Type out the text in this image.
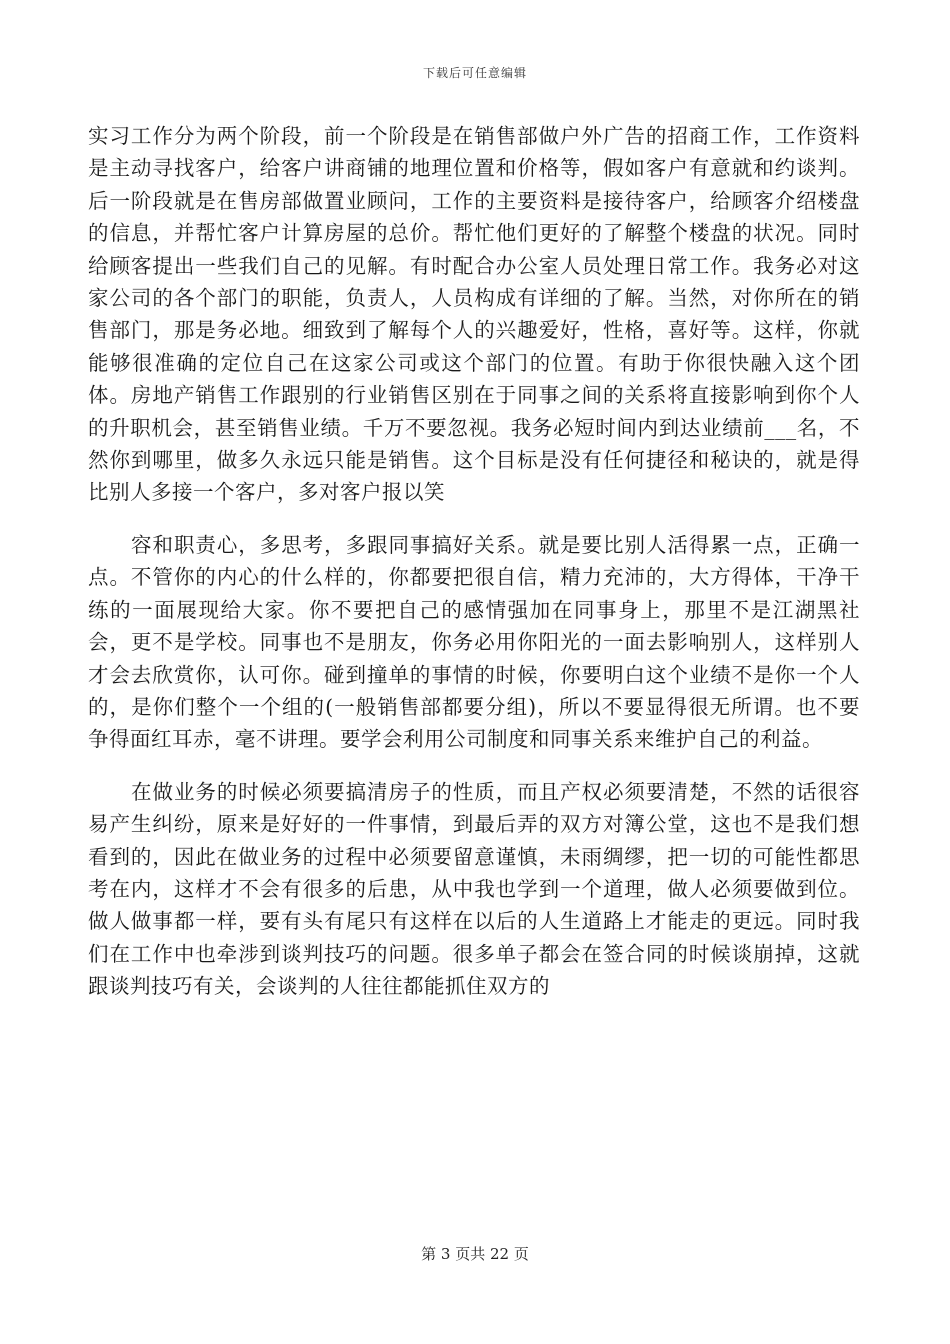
下载后可任意编辑

实习工作分为两个阶段，前一个阶段是在销售部做户外广告的招商工作，工作资料是主动寻找客户，给客户讲商铺的地理位置和价格等，假如客户有意就和约谈判。后一阶段就是在售房部做置业顾问，工作的主要资料是接待客户，给顾客介绍楼盘的信息，并帮忙客户计算房屋的总价。帮忙他们更好的了解整个楼盘的状况。同时给顾客提出一些我们自己的见解。有时配合办公室人员处理日常工作。我务必对这家公司的各个部门的职能，负责人，人员构成有详细的了解。当然，对你所在的销售部门，那是务必地。细致到了解每个人的兴趣爱好，性格，喜好等。这样，你就能够很准确的定位自己在这家公司或这个部门的位置。有助于你很快融入这个团体。房地产销售工作跟别的行业销售区别在于同事之间的关系将直接影响到你个人的升职机会，甚至销售业绩。千万不要忽视。我务必短时间内到达业绩前___名，不然你到哪里，做多久永远只能是销售。这个目标是没有任何捷径和秘诀的，就是得比别人多接一个客户，多对客户报以笑

容和职责心，多思考，多跟同事搞好关系。就是要比别人活得累一点，正确一点。不管你的内心的什么样的，你都要把很自信，精力充沛的，大方得体，干净干练的一面展现给大家。你不要把自己的感情强加在同事身上，那里不是江湖黑社会，更不是学校。同事也不是朋友，你务必用你阳光的一面去影响别人，这样别人才会去欣赏你，认可你。碰到撞单的事情的时候，你要明白这个业绩不是你一个人的，是你们整个一个组的(一般销售部都要分组)，所以不要显得很无所谓。也不要争得面红耳赤，毫不讲理。要学会利用公司制度和同事关系来维护自己的利益。

在做业务的时候必须要搞清房子的性质，而且产权必须要清楚，不然的话很容易产生纠纷，原来是好好的一件事情，到最后弄的双方对簿公堂，这也不是我们想看到的，因此在做业务的过程中必须要留意谨慎，未雨绸缪，把一切的可能性都思考在内，这样才不会有很多的后患，从中我也学到一个道理，做人必须要做到位。做人做事都一样，要有头有尾只有这样在以后的人生道路上才能走的更远。同时我们在工作中也牵涉到谈判技巧的问题。很多单子都会在签合同的时候谈崩掉，这就跟谈判技巧有关，会谈判的人往往都能抓住双方的

第 3 页共 22 页
